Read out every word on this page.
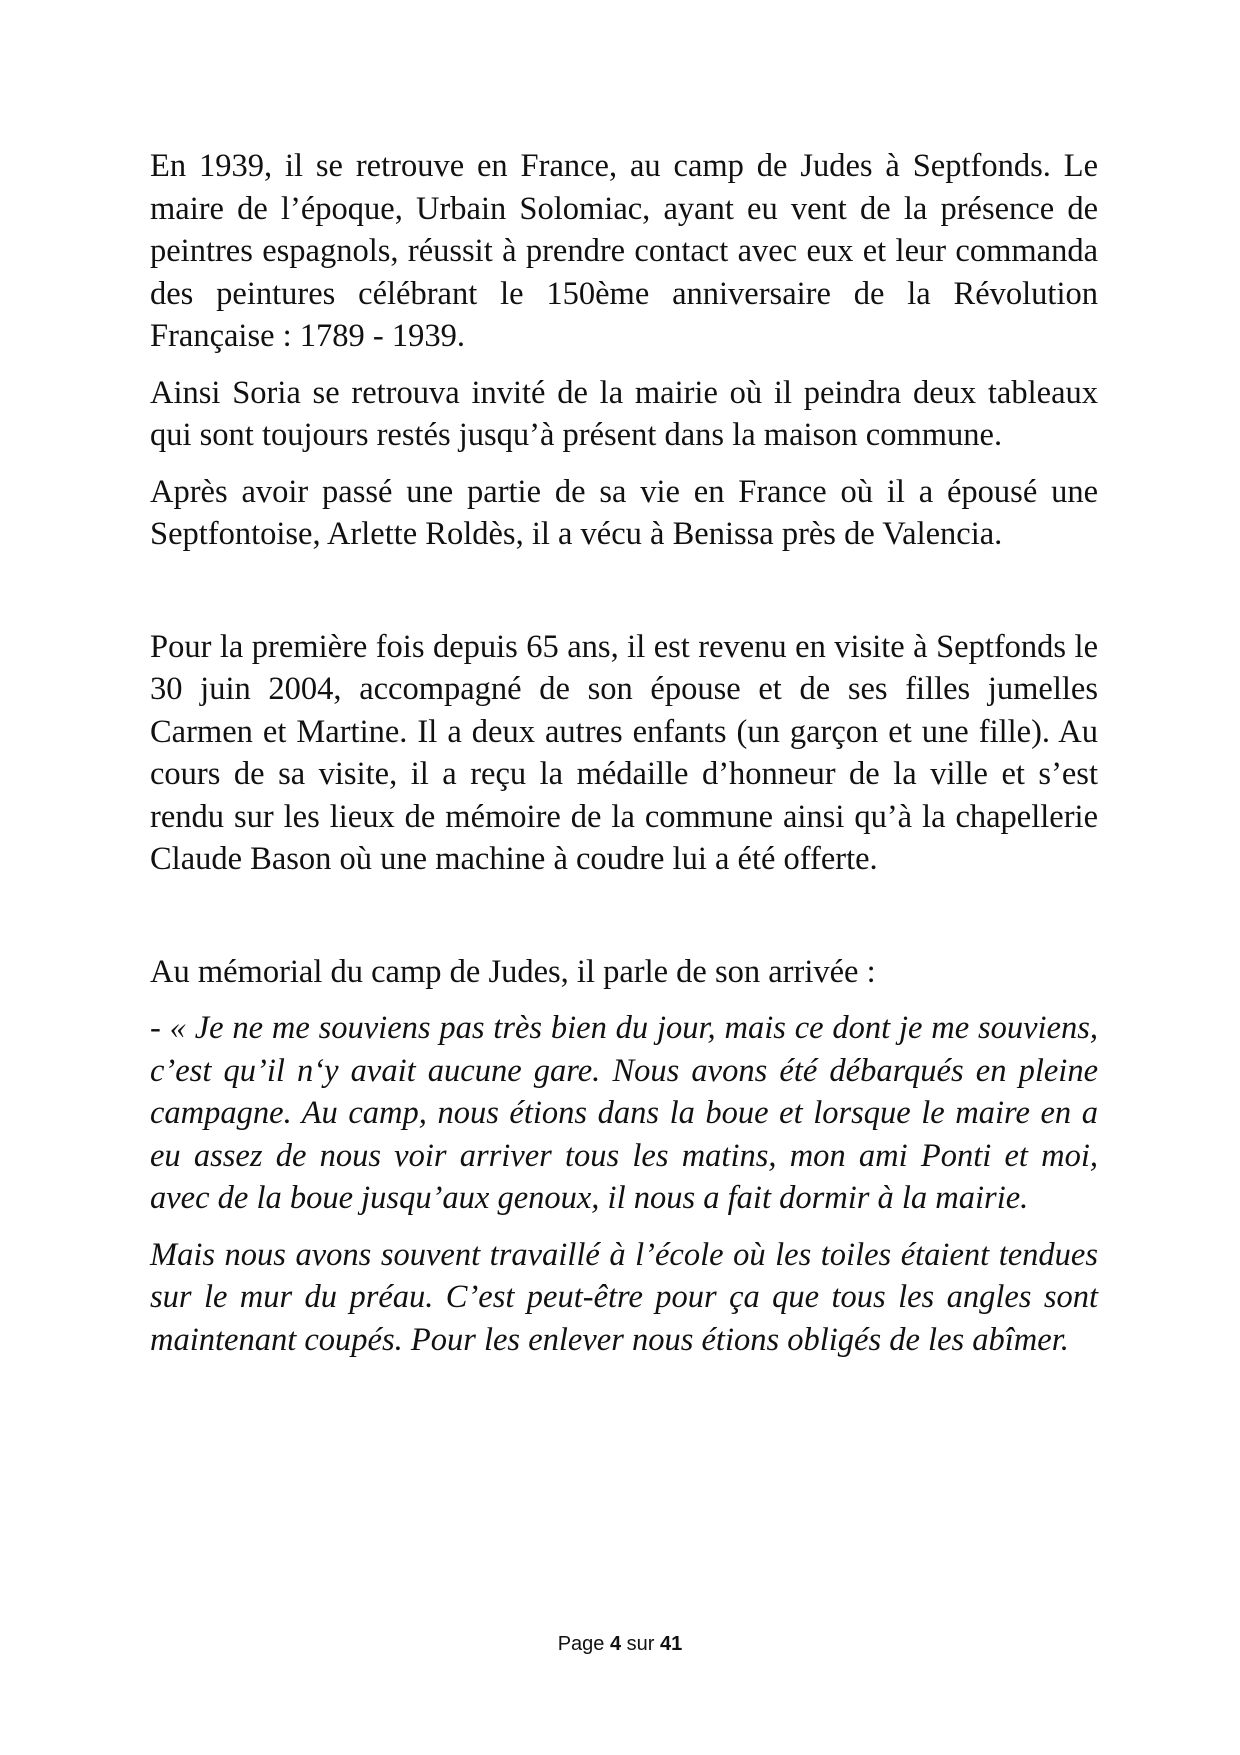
En 1939, il se retrouve en France, au camp de Judes à Septfonds. Le maire de l’époque, Urbain Solomiac, ayant eu vent de la présence de peintres espagnols, réussit à prendre contact avec eux et leur commanda des peintures célébrant le 150ème anniversaire de la Révolution Française : 1789 - 1939.

Ainsi Soria se retrouva invité de la mairie où il peindra deux tableaux qui sont toujours restés jusqu’à présent dans la maison commune.

Après avoir passé une partie de sa vie en France où il a épousé une Septfontoise, Arlette Roldès, il a vécu à Benissa près de Valencia.

Pour la première fois depuis 65 ans, il est revenu en visite à Septfonds le 30 juin 2004, accompagné de son épouse et de ses filles jumelles Carmen et Martine. Il a deux autres enfants (un garçon et une fille). Au cours de sa visite, il a reçu la médaille d’honneur de la ville et s’est rendu sur les lieux de mémoire de la commune ainsi qu’à la chapellerie Claude Bason où une machine à coudre lui a été offerte.

Au mémorial du camp de Judes, il parle de son arrivée :

- « Je ne me souviens pas très bien du jour, mais ce dont je me souviens, c’est qu’il n‘y avait aucune gare. Nous avons été débarqués en pleine campagne. Au camp, nous étions dans la boue et lorsque le maire en a eu assez de nous voir arriver tous les matins, mon ami Ponti et moi, avec de la boue jusqu’aux genoux, il nous a fait dormir à la mairie.

Mais nous avons souvent travaillé à l’école où les toiles étaient tendues sur le mur du préau. C’est peut-être pour ça que tous les angles sont maintenant coupés. Pour les enlever nous étions obligés de les abîmer.

Page 4 sur 41
